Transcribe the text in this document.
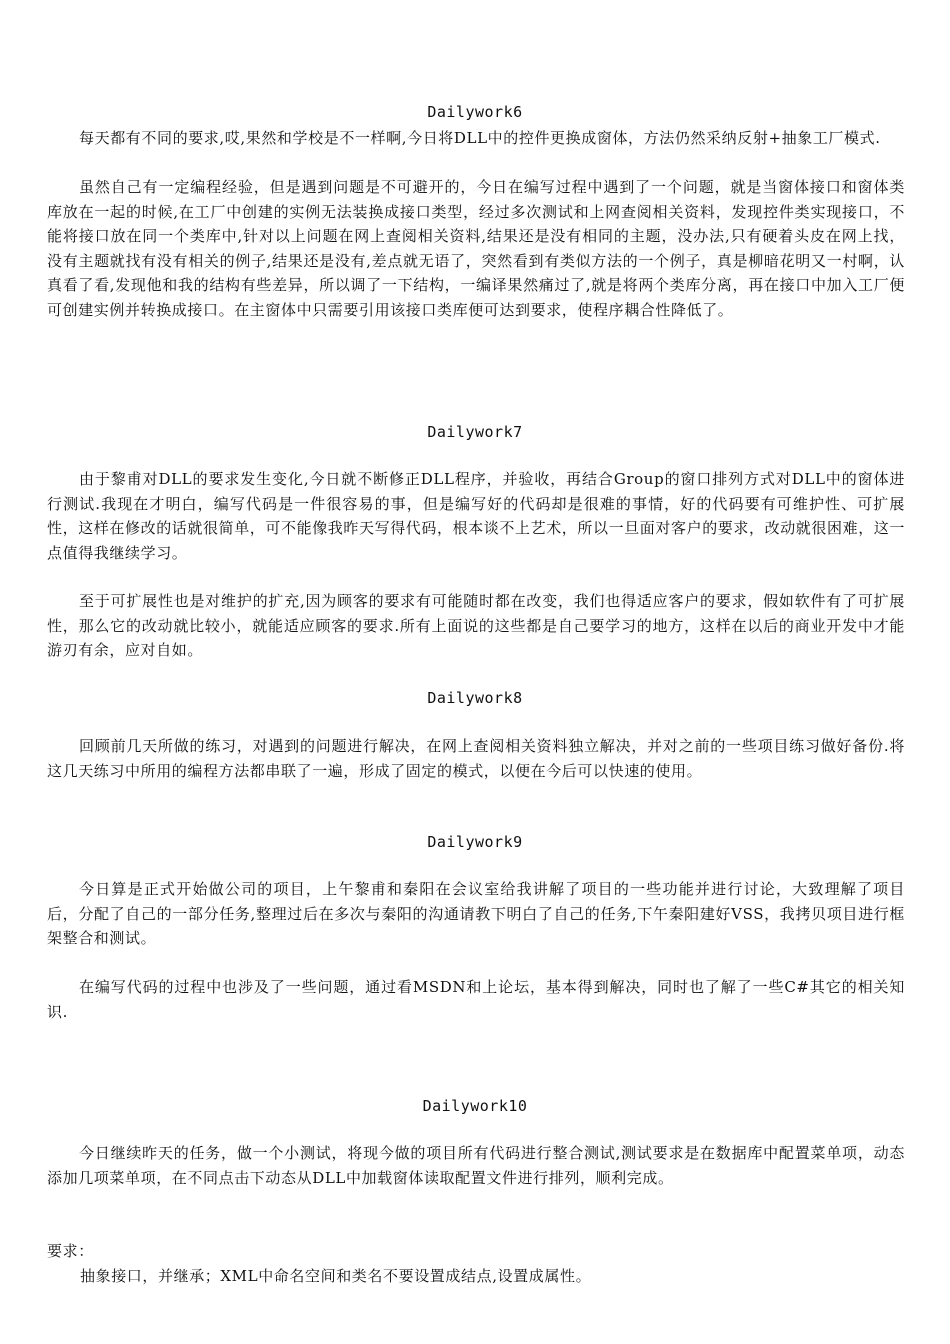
Dailywork6

每天都有不同的要求,哎,果然和学校是不一样啊,今日将DLL中的控件更换成窗体，方法仍然采纳反射+抽象工厂模式.

虽然自己有一定编程经验，但是遇到问题是不可避开的，今日在编写过程中遇到了一个问题，就是当窗体接口和窗体类库放在一起的时候,在工厂中创建的实例无法装换成接口类型，经过多次测试和上网查阅相关资料，发现控件类实现接口，不能将接口放在同一个类库中,针对以上问题在网上查阅相关资料,结果还是没有相同的主题，没办法,只有硬着头皮在网上找，没有主题就找有没有相关的例子,结果还是没有,差点就无语了，突然看到有类似方法的一个例子，真是柳暗花明又一村啊，认真看了看,发现他和我的结构有些差异，所以调了一下结构，一编译果然痛过了,就是将两个类库分离，再在接口中加入工厂便可创建实例并转换成接口。在主窗体中只需要引用该接口类库便可达到要求，使程序耦合性降低了。

Dailywork7

由于黎甫对DLL的要求发生变化,今日就不断修正DLL程序，并验收，再结合Group的窗口排列方式对DLL中的窗体进行测试.我现在才明白，编写代码是一件很容易的事，但是编写好的代码却是很难的事情，好的代码要有可维护性、可扩展性，这样在修改的话就很简单，可不能像我昨天写得代码，根本谈不上艺术，所以一旦面对客户的要求，改动就很困难，这一点值得我继续学习。

至于可扩展性也是对维护的扩充,因为顾客的要求有可能随时都在改变，我们也得适应客户的要求，假如软件有了可扩展性，那么它的改动就比较小，就能适应顾客的要求.所有上面说的这些都是自己要学习的地方，这样在以后的商业开发中才能游刃有余，应对自如。

Dailywork8

回顾前几天所做的练习，对遇到的问题进行解决，在网上查阅相关资料独立解决，并对之前的一些项目练习做好备份.将这几天练习中所用的编程方法都串联了一遍，形成了固定的模式，以便在今后可以快速的使用。

Dailywork9

今日算是正式开始做公司的项目，上午黎甫和秦阳在会议室给我讲解了项目的一些功能并进行讨论，大致理解了项目后，分配了自己的一部分任务,整理过后在多次与秦阳的沟通请教下明白了自己的任务,下午秦阳建好VSS，我拷贝项目进行框架整合和测试。

在编写代码的过程中也涉及了一些问题，通过看MSDN和上论坛，基本得到解决，同时也了解了一些C#其它的相关知识.

Dailywork10

今日继续昨天的任务，做一个小测试，将现今做的项目所有代码进行整合测试,测试要求是在数据库中配置菜单项，动态添加几项菜单项，在不同点击下动态从DLL中加载窗体读取配置文件进行排列，顺利完成。

要求：

抽象接口，并继承；XML中命名空间和类名不要设置成结点,设置成属性。
